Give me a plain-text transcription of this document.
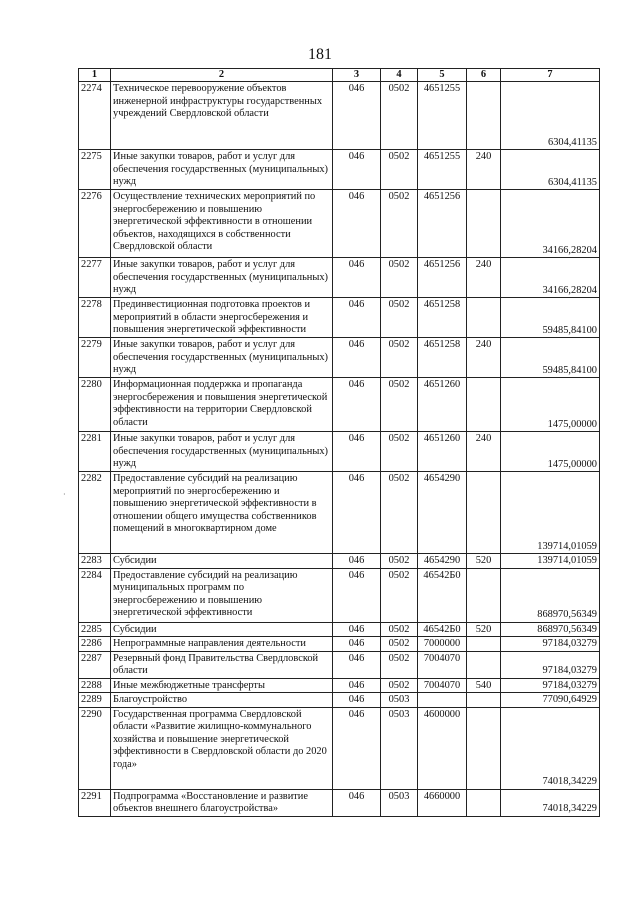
181
1	2	3	4	5	6	7
2274	Техническое перевооружение объектов инженерной инфраструктуры государственных учреждений Свердловской области	046	0502	4651255		6304,41135
2275	Иные закупки товаров, работ и услуг для обеспечения государственных (муниципальных) нужд	046	0502	4651255	240	6304,41135
2276	Осуществление технических мероприятий по энергосбережению и повышению энергетической эффективности в отношении объектов, находящихся в собственности Свердловской области	046	0502	4651256		34166,28204
2277	Иные закупки товаров, работ и услуг для обеспечения государственных (муниципальных) нужд	046	0502	4651256	240	34166,28204
2278	Прединвестиционная подготовка проектов и мероприятий в области энергосбережения и повышения энергетической эффективности	046	0502	4651258		59485,84100
2279	Иные закупки товаров, работ и услуг для обеспечения государственных (муниципальных) нужд	046	0502	4651258	240	59485,84100
2280	Информационная поддержка и пропаганда энергосбережения и повышения энергетической эффективности на территории Свердловской области	046	0502	4651260		1475,00000
2281	Иные закупки товаров, работ и услуг для обеспечения государственных (муниципальных) нужд	046	0502	4651260	240	1475,00000
2282	Предоставление субсидий на реализацию мероприятий по энергосбережению и повышению энергетической эффективности в отношении общего имущества собственников помещений в многоквартирном доме	046	0502	4654290		139714,01059
2283	Субсидии	046	0502	4654290	520	139714,01059
2284	Предоставление субсидий на реализацию муниципальных программ по энергосбережению и повышению энергетической эффективности	046	0502	46542Б0		868970,56349
2285	Субсидии	046	0502	46542Б0	520	868970,56349
2286	Непрограммные направления деятельности	046	0502	7000000		97184,03279
2287	Резервный фонд Правительства Свердловской области	046	0502	7004070		97184,03279
2288	Иные межбюджетные трансферты	046	0502	7004070	540	97184,03279
2289	Благоустройство	046	0503			77090,64929
2290	Государственная программа Свердловской области «Развитие жилищно-коммунального хозяйства и повышение энергетической эффективности в Свердловской области до 2020 года»	046	0503	4600000		74018,34229
2291	Подпрограмма «Восстановление и развитие объектов внешнего благоустройства»	046	0503	4660000		74018,34229
·
